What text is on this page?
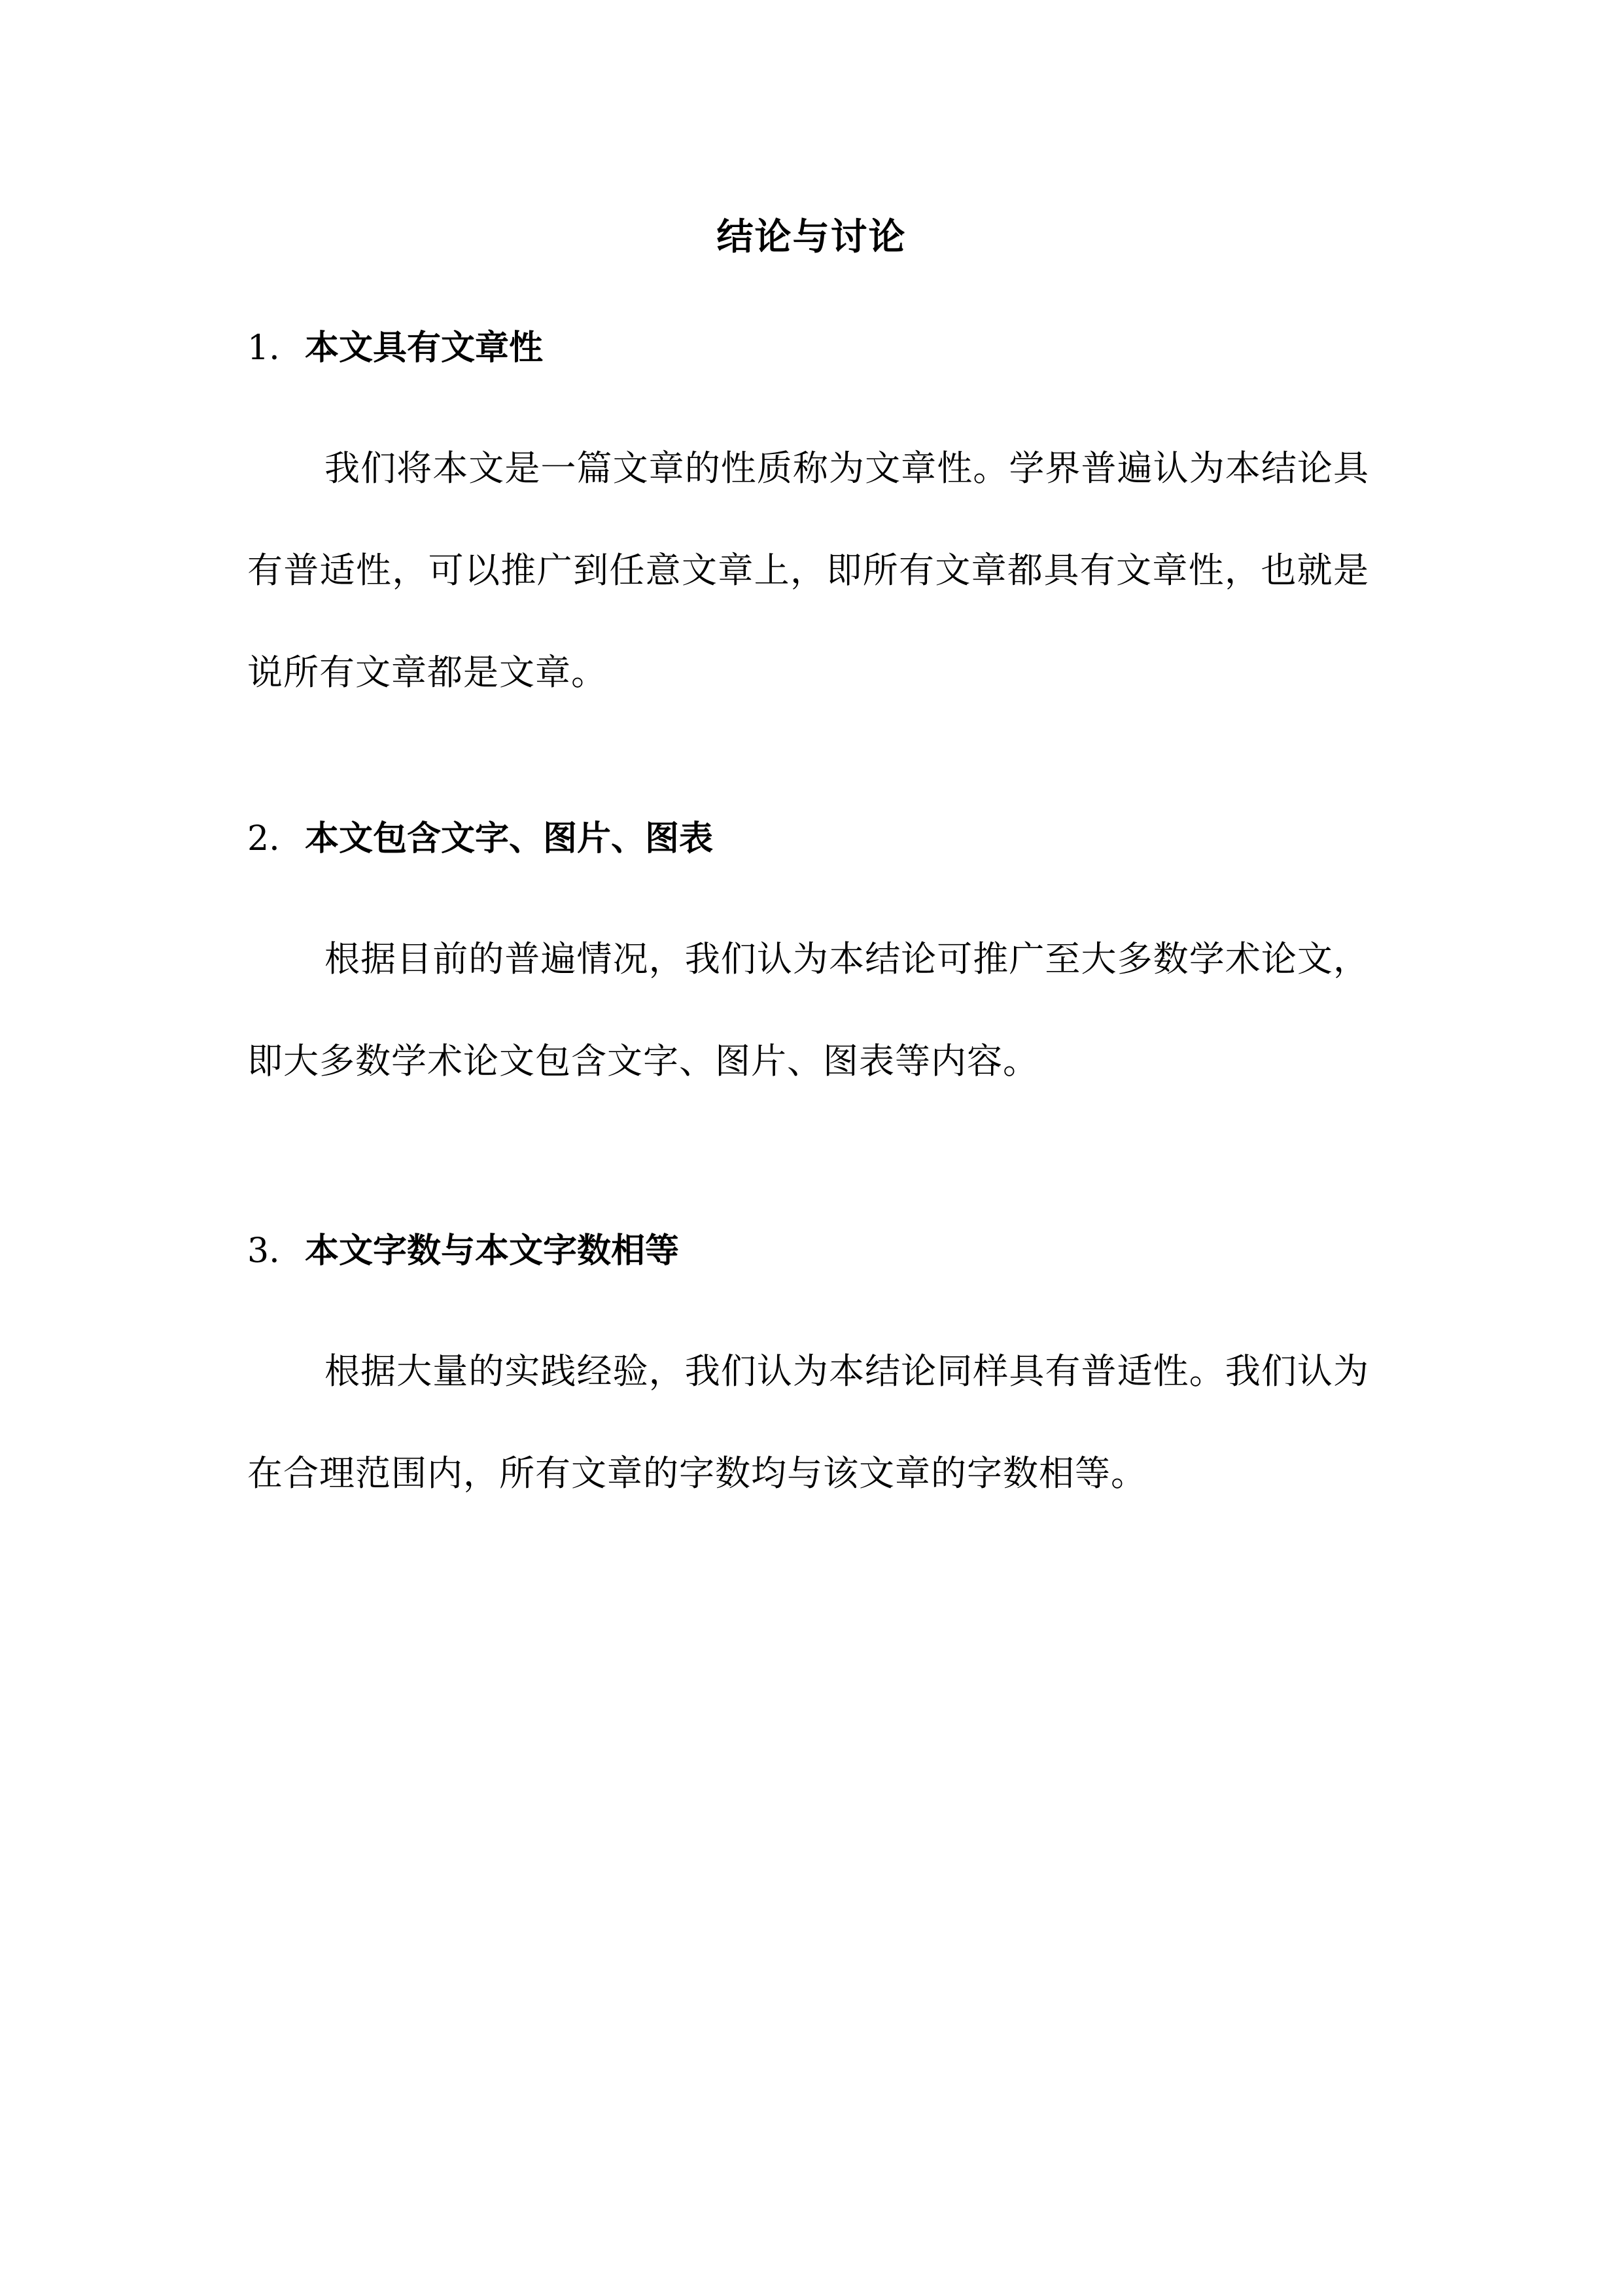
结论与讨论
1. 本文具有文章性
我们将本文是一篇文章的性质称为文章性。学界普遍认为本结论具有普适性，可以推广到任意文章上，即所有文章都具有文章性，也就是说所有文章都是文章。
2. 本文包含文字、图片、图表
根据目前的普遍情况，我们认为本结论可推广至大多数学术论文，即大多数学术论文包含文字、图片、图表等内容。
3. 本文字数与本文字数相等
根据大量的实践经验，我们认为本结论同样具有普适性。我们认为在合理范围内，所有文章的字数均与该文章的字数相等。
